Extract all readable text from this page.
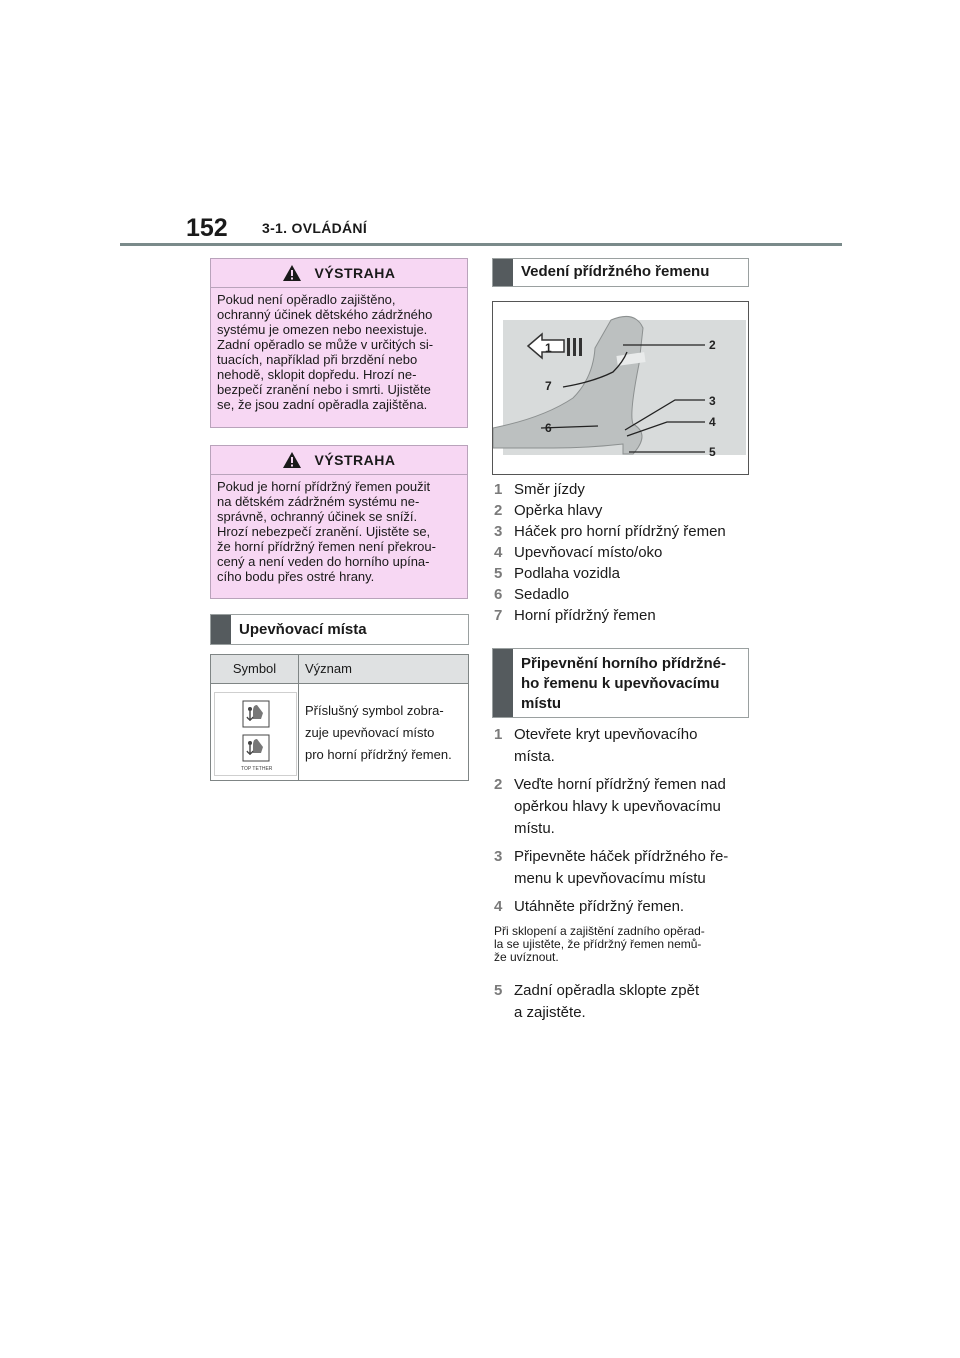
152 3-1. OVLÁDÁNÍ
VÝSTRAHA
Pokud není opěradlo zajištěno,
ochranný účinek dětského zádržného
systému je omezen nebo neexistuje.
Zadní opěradlo se může v určitých si-
tuacích, například při brzdění nebo
nehodě, sklopit dopředu. Hrozí ne-
bezpečí zranění nebo i smrti. Ujistěte
se, že jsou zadní opěradla zajištěna.
VÝSTRAHA
Pokud je horní přídržný řemen použit
na dětském zádržném systému ne-
správně, ochranný účinek se sníží.
Hrozí nebezpečí zranění. Ujistěte se,
že horní přídržný řemen není překrou-
cený a není veden do horního upína-
cího bodu přes ostré hrany.
Upevňovací místa
Symbol	Význam
TOP TETHER
Příslušný symbol zobra-
zuje upevňovací místo
pro horní přídržný řemen.
Vedení přídržného řemenu
1	2
3
4
5
6
7
1 Směr jízdy
2 Opěrka hlavy
3 Háček pro horní přídržný řemen
4 Upevňovací místo/oko
5 Podlaha vozidla
6 Sedadlo
7 Horní přídržný řemen
Připevnění horního přídržné-
ho řemenu k upevňovacímu
místu
1 Otevřete kryt upevňovacího
místa.
2 Veďte horní přídržný řemen nad
opěrkou hlavy k upevňovacímu
místu.
3 Připevněte háček přídržného ře-
menu k upevňovacímu místu
4 Utáhněte přídržný řemen.
Při sklopení a zajištění zadního opěrad-
la se ujistěte, že přídržný řemen nemů-
že uvíznout.
5 Zadní opěradla sklopte zpět
a zajistěte.
